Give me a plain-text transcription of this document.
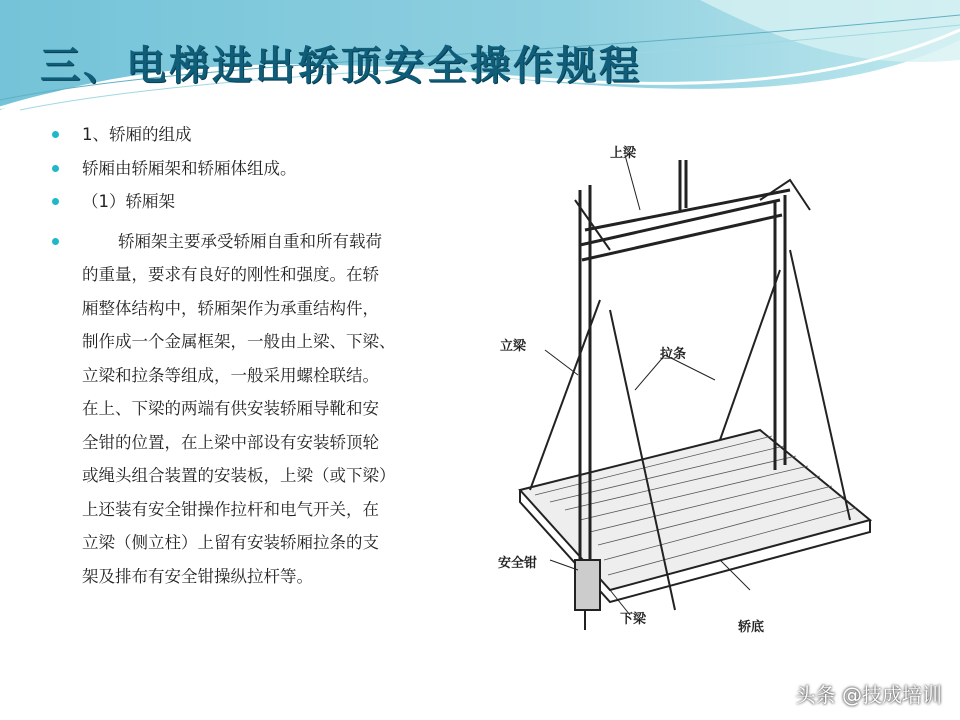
三、电梯进出轿顶安全操作规程
1、轿厢的组成
轿厢由轿厢架和轿厢体组成。
（1）轿厢架
轿厢架主要承受轿厢自重和所有载荷
的重量，要求有良好的刚性和强度。在轿
厢整体结构中，轿厢架作为承重结构件，
制作成一个金属框架，一般由上梁、下梁、
立梁和拉条等组成，一般采用螺栓联结。
在上、下梁的两端有供安装轿厢导靴和安
全钳的位置，在上梁中部设有安装轿顶轮
或绳头组合装置的安装板，上梁（或下梁）
上还装有安全钳操作拉杆和电气开关，在
立梁（侧立柱）上留有安装轿厢拉条的支
架及排布有安全钳操纵拉杆等。
上梁
立梁
拉条
安全钳
下梁
轿底
头条 @技成培训
